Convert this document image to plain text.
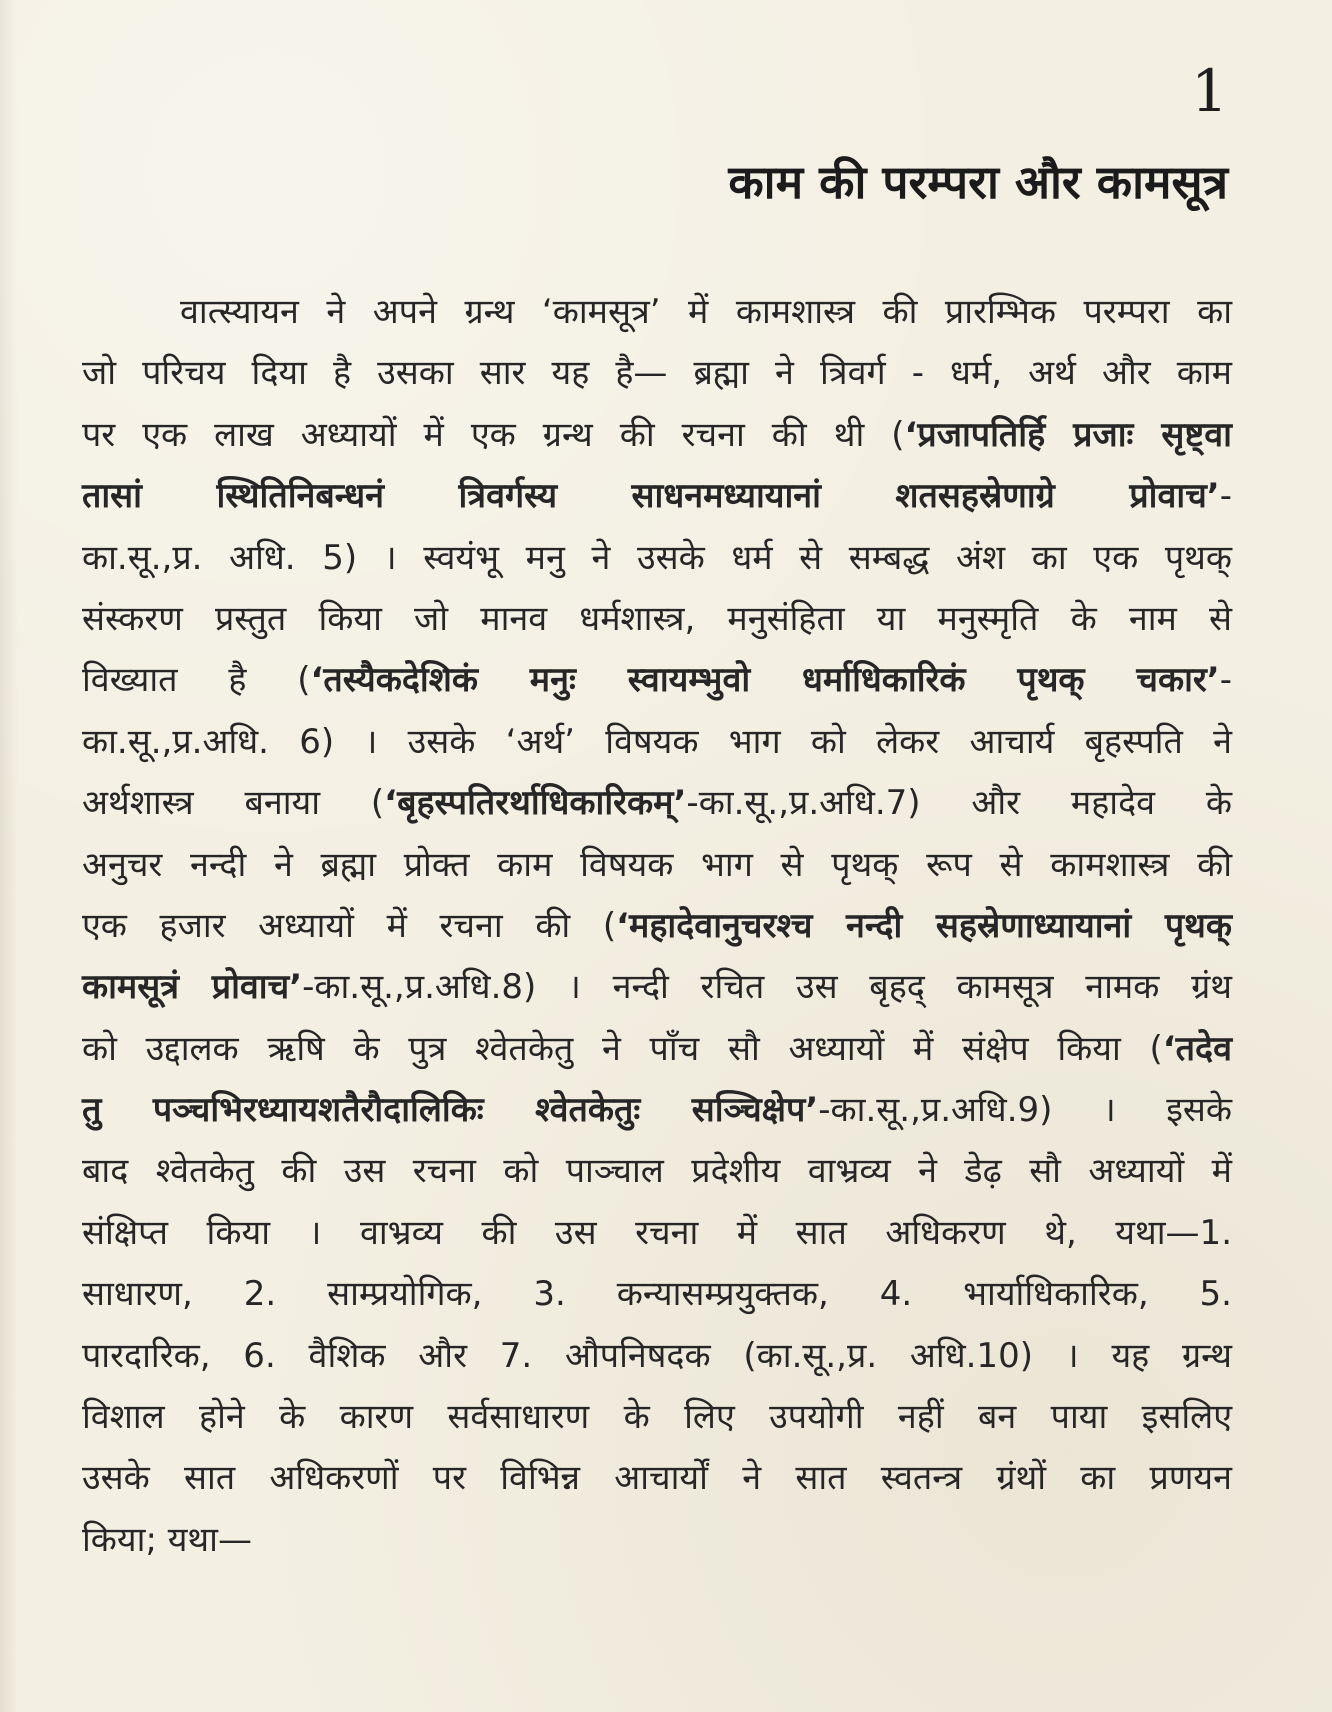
1
काम की परम्परा और कामसूत्र
वात्स्यायन ने अपने ग्रन्थ ‘कामसूत्र’ में कामशास्त्र की प्रारम्भिक परम्परा का
जो परिचय दिया है उसका सार यह है— ब्रह्मा ने त्रिवर्ग - धर्म, अर्थ और काम
पर एक लाख अध्यायों में एक ग्रन्थ की रचना की थी (‘प्रजापतिर्हि प्रजाः सृष्ट्वा
तासां स्थितिनिबन्धनं त्रिवर्गस्य साधनमध्यायानां शतसहस्रेणाग्रे प्रोवाच’-
का.सू.,प्र. अधि. 5) । स्वयंभू मनु ने उसके धर्म से सम्बद्ध अंश का एक पृथक्
संस्करण प्रस्तुत किया जो मानव धर्मशास्त्र, मनुसंहिता या मनुस्मृति के नाम से
विख्यात है (‘तस्यैकदेशिकं मनुः स्वायम्भुवो धर्माधिकारिकं पृथक् चकार’-
का.सू.,प्र.अधि. 6) । उसके ‘अर्थ’ विषयक भाग को लेकर आचार्य बृहस्पति ने
अर्थशास्त्र बनाया (‘बृहस्पतिरर्थाधिकारिकम्’-का.सू.,प्र.अधि.7) और महादेव के
अनुचर नन्दी ने ब्रह्मा प्रोक्त काम विषयक भाग से पृथक् रूप से कामशास्त्र की
एक हजार अध्यायों में रचना की (‘महादेवानुचरश्च नन्दी सहस्रेणाध्यायानां पृथक्
कामसूत्रं प्रोवाच’-का.सू.,प्र.अधि.8) । नन्दी रचित उस बृहद् कामसूत्र नामक ग्रंथ
को उद्दालक ऋषि के पुत्र श्वेतकेतु ने पाँच सौ अध्यायों में संक्षेप किया (‘तदेव
तु पञ्चभिरध्यायशतैरौदालिकिः श्वेतकेतुः सञ्चिक्षेप’-का.सू.,प्र.अधि.9) । इसके
बाद श्वेतकेतु की उस रचना को पाञ्चाल प्रदेशीय वाभ्रव्य ने डेढ़ सौ अध्यायों में
संक्षिप्त किया । वाभ्रव्य की उस रचना में सात अधिकरण थे, यथा—1.
साधारण, 2. साम्प्रयोगिक, 3. कन्यासम्प्रयुक्तक, 4. भार्याधिकारिक, 5.
पारदारिक, 6. वैशिक और 7. औपनिषदक (का.सू.,प्र. अधि.10) । यह ग्रन्थ
विशाल होने के कारण सर्वसाधारण के लिए उपयोगी नहीं बन पाया इसलिए
उसके सात अधिकरणों पर विभिन्न आचार्यों ने सात स्वतन्त्र ग्रंथों का प्रणयन
किया; यथा—
